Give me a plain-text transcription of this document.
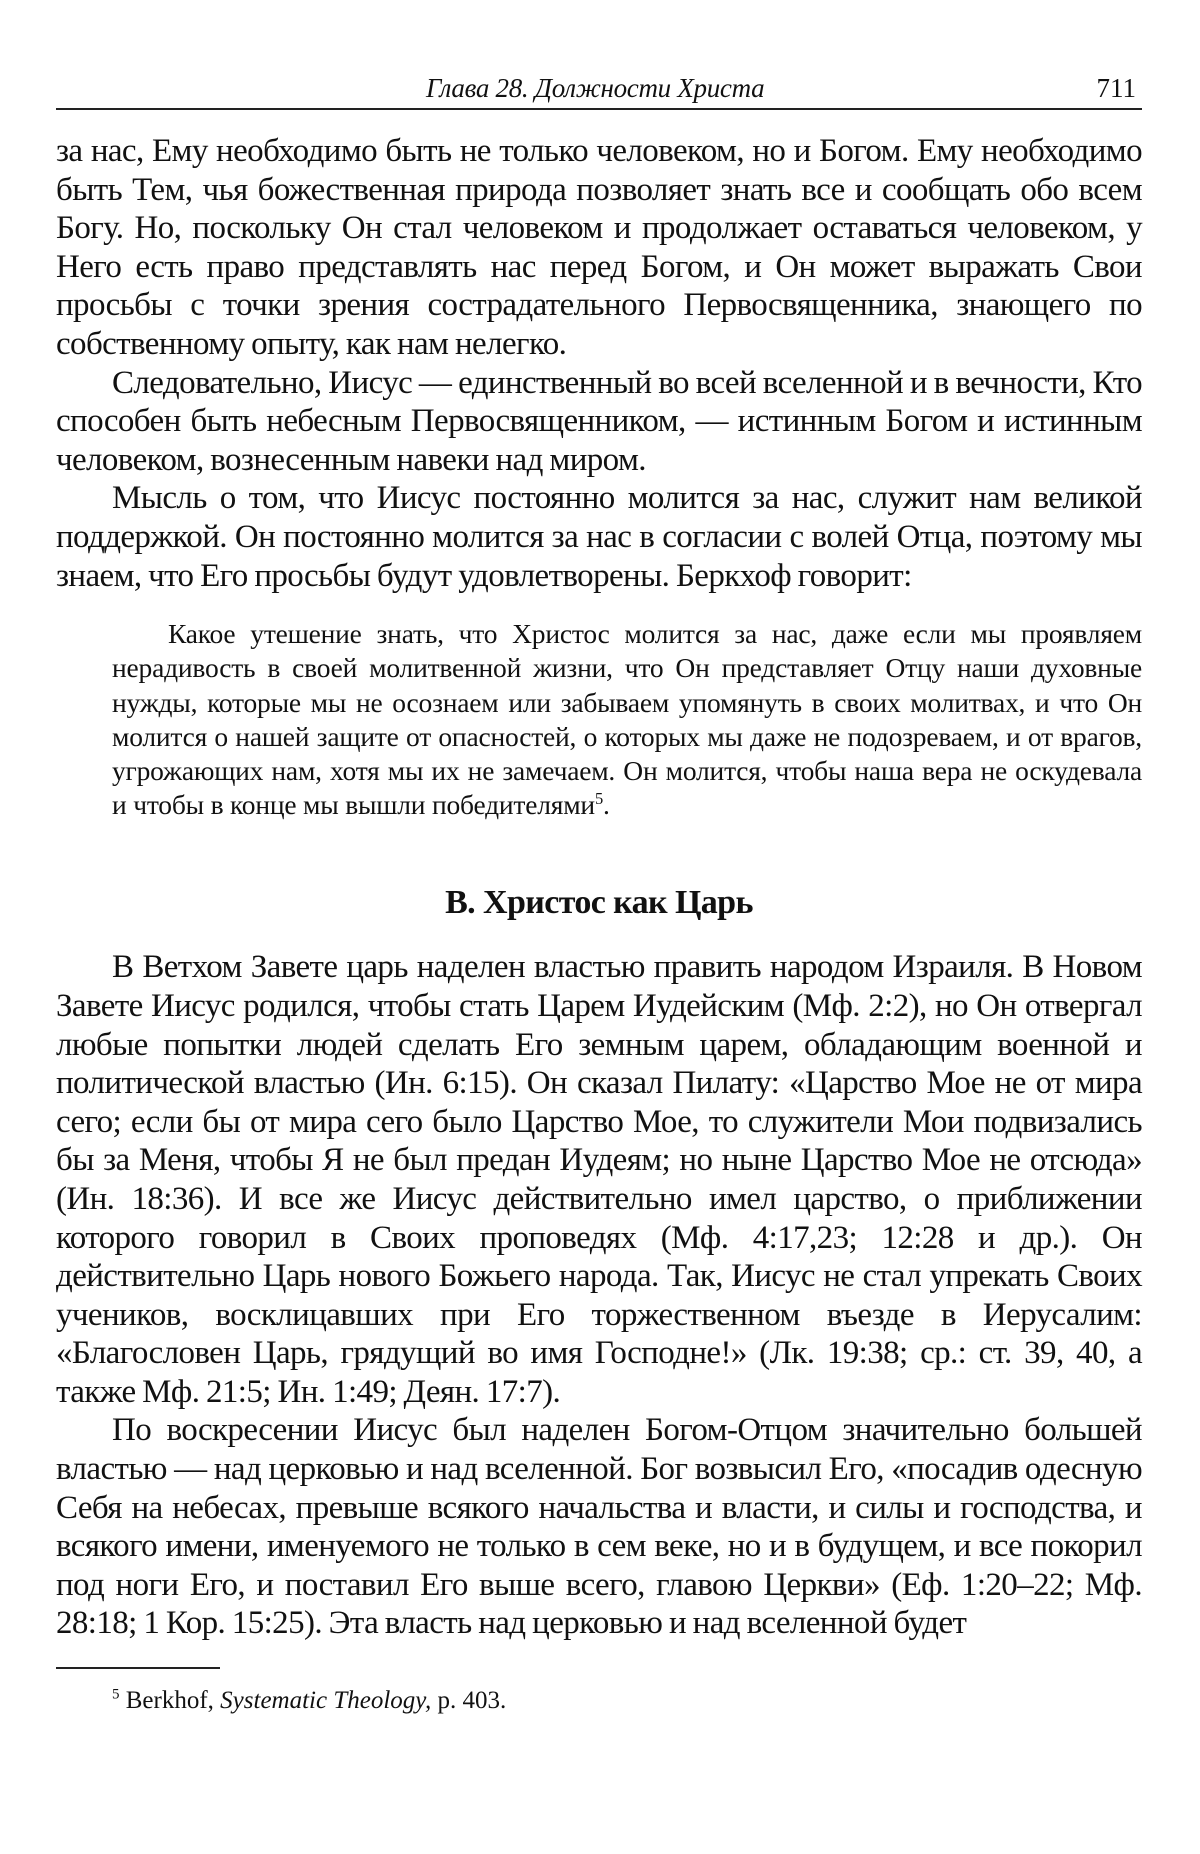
Глава 28. Должности Христа	711

за нас, Ему необходимо быть не только человеком, но и Богом. Ему необходимо быть Тем, чья божественная природа позволяет знать все и сообщать обо всем Богу. Но, поскольку Он стал человеком и продолжает оставаться человеком, у Него есть право представлять нас перед Богом, и Он может выражать Свои просьбы с точки зрения сострадательного Первосвященника, знающего по собственному опыту, как нам нелегко.

Следовательно, Иисус — единственный во всей вселенной и в вечности, Кто способен быть небесным Первосвященником, — истинным Богом и истинным человеком, вознесенным навеки над миром.

Мысль о том, что Иисус постоянно молится за нас, служит нам великой поддержкой. Он постоянно молится за нас в согласии с волей Отца, поэтому мы знаем, что Его просьбы будут удовлетворены. Беркхоф говорит:

Какое утешение знать, что Христос молится за нас, даже если мы проявляем нерадивость в своей молитвенной жизни, что Он представляет Отцу наши духовные нужды, которые мы не осознаем или забываем упомянуть в своих молитвах, и что Он молится о нашей защите от опасностей, о которых мы даже не подозреваем, и от врагов, угрожающих нам, хотя мы их не замечаем. Он молится, чтобы наша вера не оскудевала и чтобы в конце мы вышли победителями$^5$.

В. Христос как Царь

В Ветхом Завете царь наделен властью править народом Израиля. В Новом Завете Иисус родился, чтобы стать Царем Иудейским (Мф. 2:2), но Он отвергал любые попытки людей сделать Его земным царем, обладающим военной и политической властью (Ин. 6:15). Он сказал Пилату: «Царство Мое не от мира сего; если бы от мира сего было Царство Мое, то служители Мои подвизались бы за Меня, чтобы Я не был предан Иудеям; но ныне Царство Мое не отсюда» (Ин. 18:36). И все же Иисус действительно имел царство, о приближении которого говорил в Своих проповедях (Мф. 4:17,23; 12:28 и др.). Он действительно Царь нового Божьего народа. Так, Иисус не стал упрекать Своих учеников, восклицавших при Его торжественном въезде в Иерусалим: «Благословен Царь, грядущий во имя Господне!» (Лк. 19:38; ср.: ст. 39, 40, а также Мф. 21:5; Ин. 1:49; Деян. 17:7).

По воскресении Иисус был наделен Богом-Отцом значительно большей властью — над церковью и над вселенной. Бог возвысил Его, «посадив одесную Себя на небесах, превыше всякого начальства и власти, и силы и господства, и всякого имени, именуемого не только в сем веке, но и в будущем, и все покорил под ноги Его, и поставил Его выше всего, главою Церкви» (Еф. 1:20–22; Мф. 28:18; 1 Кор. 15:25). Эта власть над церковью и над вселенной будет

$^5$ Berkhof, Systematic Theology, p. 403.
